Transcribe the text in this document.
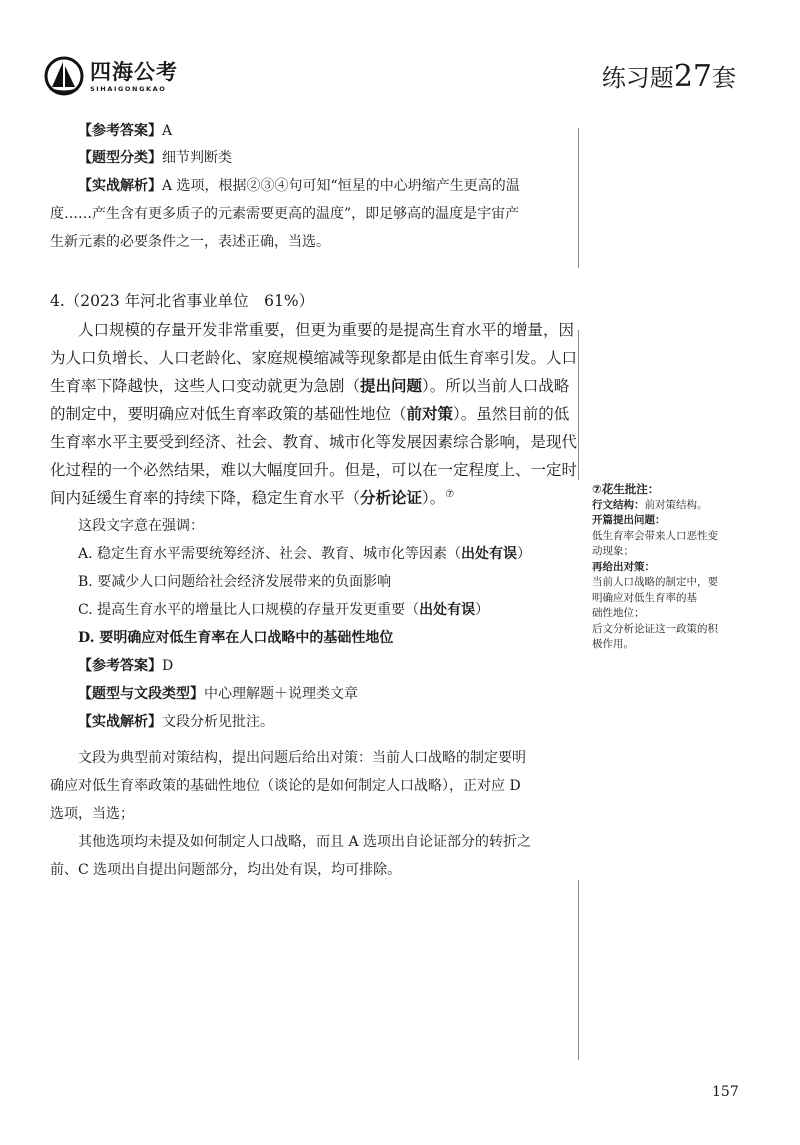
四海公考
SIHAIGONGKAO	练习题27套
【参考答案】A
【题型分类】细节判断类
【实战解析】A 选项，根据②③④句可知“恒星的中心坍缩产生更高的温
度……产生含有更多质子的元素需要更高的温度”，即足够高的温度是宇宙产
生新元素的必要条件之一，表述正确，当选。
4.（2023 年河北省事业单位　61%）
人口规模的存量开发非常重要，但更为重要的是提高生育水平的增量，因
为人口负增长、人口老龄化、家庭规模缩减等现象都是由低生育率引发。人口
生育率下降越快，这些人口变动就更为急剧（提出问题）。所以当前人口战略
的制定中，要明确应对低生育率政策的基础性地位（前对策）。虽然目前的低
生育率水平主要受到经济、社会、教育、城市化等发展因素综合影响，是现代
化过程的一个必然结果，难以大幅度回升。但是，可以在一定程度上、一定时
间内延缓生育率的持续下降，稳定生育水平（分析论证）。⑦
这段文字意在强调：
A. 稳定生育水平需要统筹经济、社会、教育、城市化等因素（出处有误）
B. 要减少人口问题给社会经济发展带来的负面影响
C. 提高生育水平的增量比人口规模的存量开发更重要（出处有误）
D. 要明确应对低生育率在人口战略中的基础性地位
【参考答案】D
【题型与文段类型】中心理解题＋说理类文章
【实战解析】文段分析见批注。
文段为典型前对策结构，提出问题后给出对策：当前人口战略的制定要明
确应对低生育率政策的基础性地位（谈论的是如何制定人口战略），正对应 D
选项，当选；
其他选项均未提及如何制定人口战略，而且 A 选项出自论证部分的转折之
前、C 选项出自提出问题部分，均出处有误，均可排除。
⑦花生批注：
行文结构：前对策结构。
开篇提出问题：
低生育率会带来人口恶性变
动现象；
再给出对策：
当前人口战略的制定中，要
明确应对低生育率的基
础性地位；
后文分析论证这一政策的积
极作用。
157
